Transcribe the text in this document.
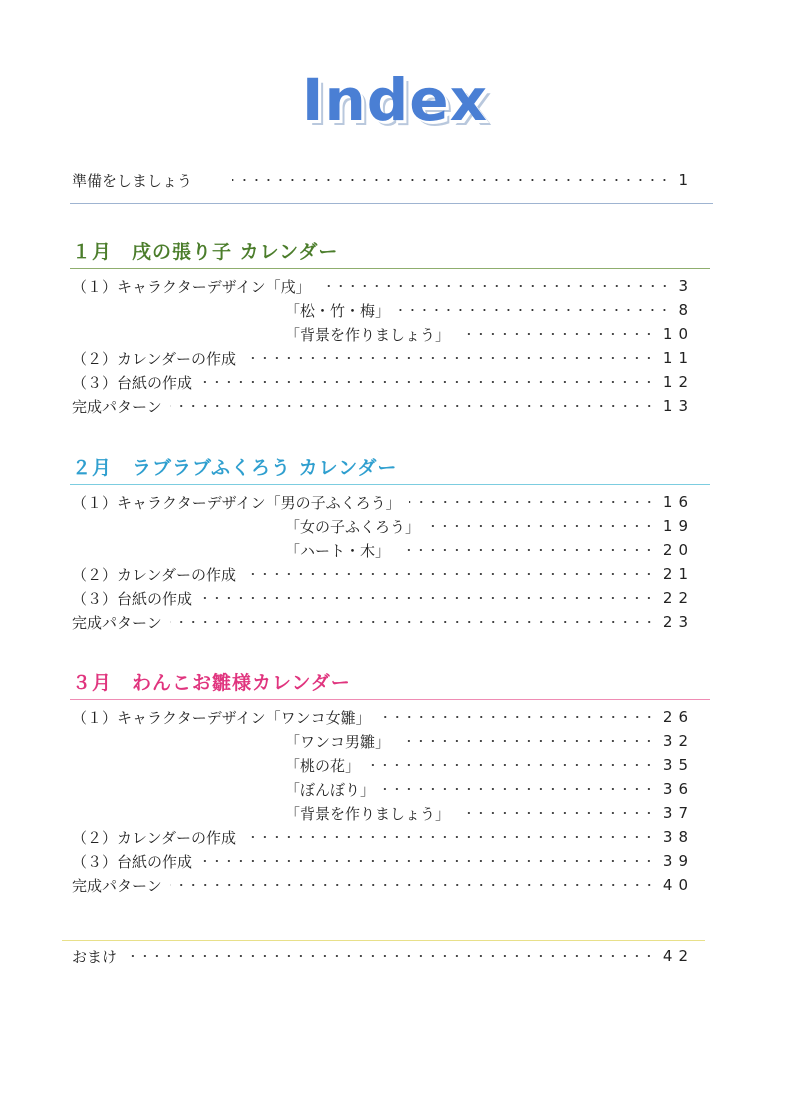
Index
準備をしましょう	1
１月　戌の張り子 カレンダー
（１）キャラクターデザイン 「戌」	3
「松・竹・梅」	8
「背景を作りましょう」	10
（２）カレンダーの作成	11
（３）台紙の作成	12
完成パターン	13
２月　ラブラブふくろう カレンダー
（１）キャラクターデザイン 「男の子ふくろう」	16
「女の子ふくろう」	19
「ハート・木」	20
（２）カレンダーの作成	21
（３）台紙の作成	22
完成パターン	23
３月　わんこお雛様カレンダー
（１）キャラクターデザイン 「ワンコ女雛」	26
「ワンコ男雛」	32
「桃の花」	35
「ぼんぼり」	36
「背景を作りましょう」	37
（２）カレンダーの作成	38
（３）台紙の作成	39
完成パターン	40
おまけ	42
